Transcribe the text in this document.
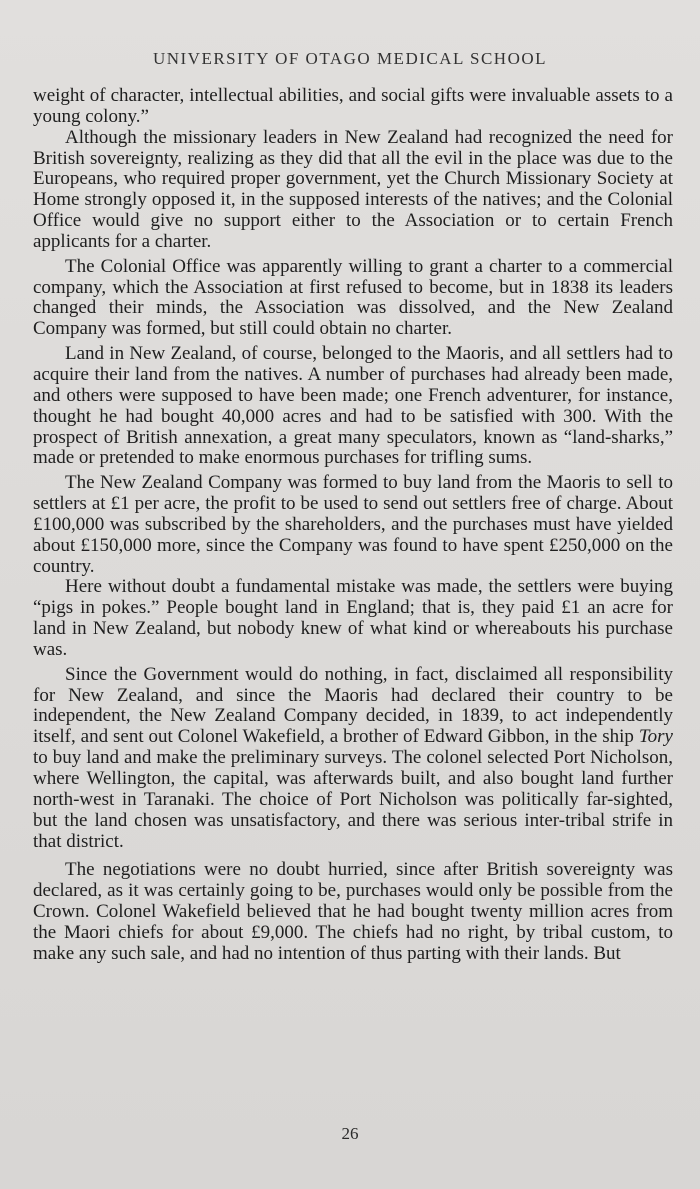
UNIVERSITY OF OTAGO MEDICAL SCHOOL

weight of character, intellectual abilities, and social gifts were invaluable assets to a young colony.”

Although the missionary leaders in New Zealand had recognized the need for British sovereignty, realizing as they did that all the evil in the place was due to the Europeans, who required proper government, yet the Church Missionary Society at Home strongly opposed it, in the supposed interests of the natives; and the Colonial Office would give no support either to the Association or to certain French applicants for a charter.

The Colonial Office was apparently willing to grant a charter to a commercial company, which the Association at first refused to become, but in 1838 its leaders changed their minds, the Association was dissolved, and the New Zealand Company was formed, but still could obtain no charter.

Land in New Zealand, of course, belonged to the Maoris, and all settlers had to acquire their land from the natives. A number of purchases had already been made, and others were supposed to have been made; one French adventurer, for instance, thought he had bought 40,000 acres and had to be satisfied with 300. With the prospect of British annexation, a great many speculators, known as “land-sharks,” made or pretended to make enormous purchases for trifling sums.

The New Zealand Company was formed to buy land from the Maoris to sell to settlers at £1 per acre, the profit to be used to send out settlers free of charge. About £100,000 was subscribed by the shareholders, and the purchases must have yielded about £150,000 more, since the Company was found to have spent £250,000 on the country.

Here without doubt a fundamental mistake was made, the settlers were buying “pigs in pokes.” People bought land in England; that is, they paid £1 an acre for land in New Zealand, but nobody knew of what kind or whereabouts his purchase was.

Since the Government would do nothing, in fact, disclaimed all responsibility for New Zealand, and since the Maoris had declared their country to be independent, the New Zealand Company decided, in 1839, to act independently itself, and sent out Colonel Wakefield, a brother of Edward Gibbon, in the ship Tory to buy land and make the preliminary surveys. The colonel selected Port Nicholson, where Wellington, the capital, was afterwards built, and also bought land further north-west in Taranaki. The choice of Port Nicholson was politically far-sighted, but the land chosen was unsatisfactory, and there was serious inter-tribal strife in that district.

The negotiations were no doubt hurried, since after British sovereignty was declared, as it was certainly going to be, purchases would only be possible from the Crown. Colonel Wakefield believed that he had bought twenty million acres from the Maori chiefs for about £9,000. The chiefs had no right, by tribal custom, to make any such sale, and had no intention of thus parting with their lands. But

26
